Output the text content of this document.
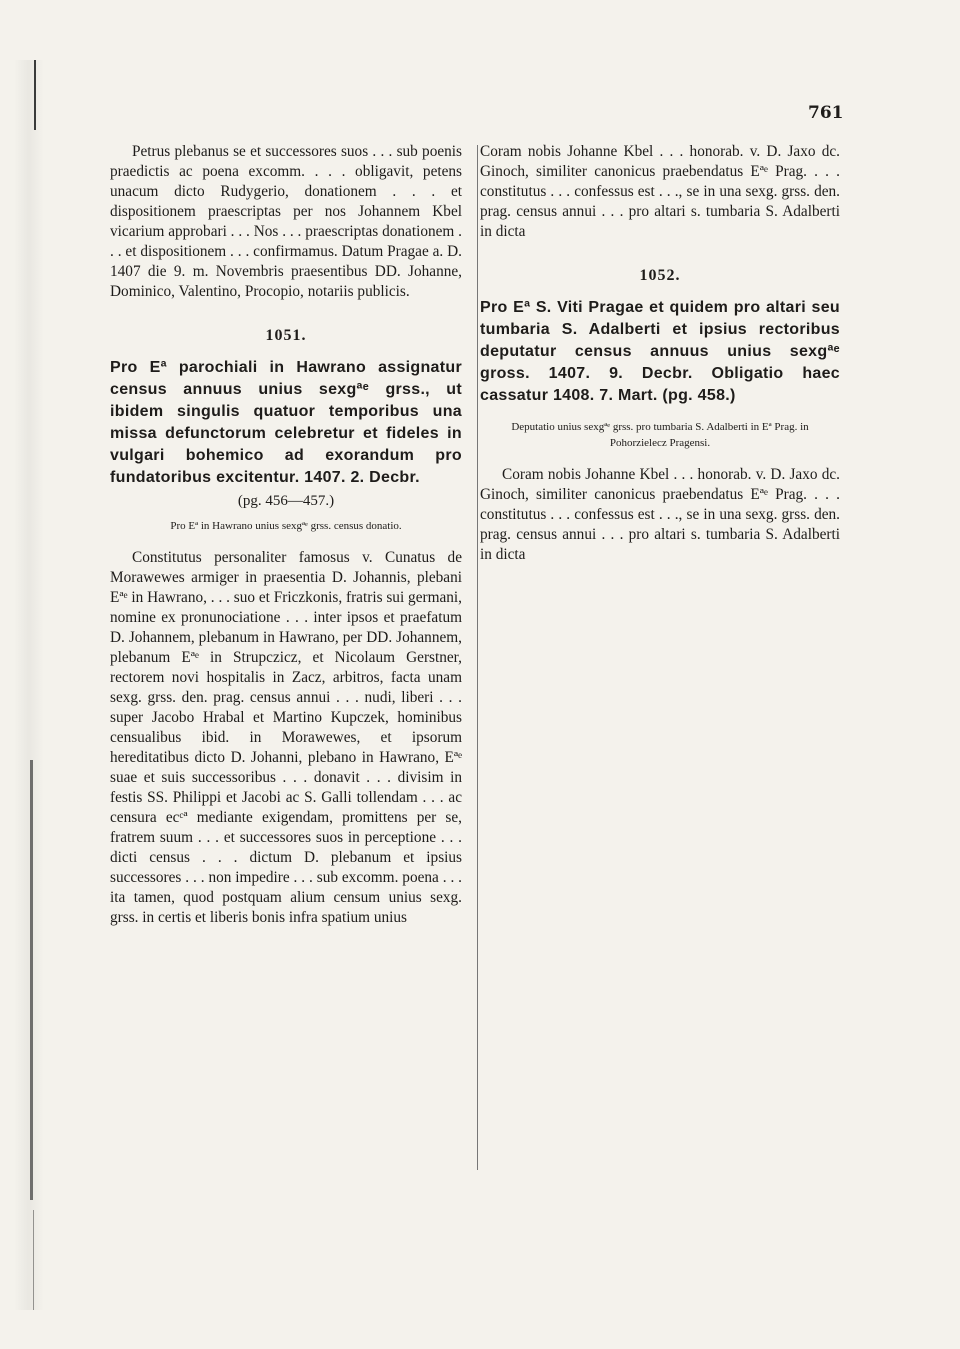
761

Petrus plebanus se et successores suos . . . sub poenis praedictis ac poena excomm. . . . obligavit, petens unacum dicto Rudygerio, donationem . . . et dispositionem praescriptas per nos Johannem Kbel vicarium approbari . . . Nos . . . praescriptas donationem . . . et dispositionem . . . confirmamus. Datum Pragae a. D. 1407 die 9. m. Novembris praesentibus DD. Johanne, Dominico, Valentino, Procopio, notariis publicis.

1051.

Pro Eª parochiali in Hawrano assignatur census annuus unius sexgªᵉ grss., ut ibidem singulis quatuor temporibus una missa defunctorum celebretur et fideles in vulgari bohemico ad exorandum pro fundatoribus excitentur. 1407. 2. Decbr.

(pg. 456—457.)

Pro Eª in Hawrano unius sexgªᵉ grss. census donatio.

Constitutus personaliter famosus v. Cunatus de Morawewes armiger in praesentia D. Johannis, plebani Eªᵉ in Hawrano, . . . suo et Friczkonis, fratris sui germani, nomine ex pronunociatione . . . inter ipsos et praefatum D. Johannem, plebanum in Hawrano, per DD. Johannem, plebanum Eªᵉ in Strupczicz, et Nicolaum Gerstner, rectorem novi hospitalis in Zacz, arbitros, facta unam sexg. grss. den. prag. census annui . . . nudi, liberi . . . super Jacobo Hrabal et Martino Kupczek, hominibus censualibus ibid. in Morawewes, et ipsorum hereditatibus dicto D. Johanni, plebano in Hawrano, Eªᵉ suae et suis successoribus . . . donavit . . . divisim in festis SS. Philippi et Jacobi ac S. Galli tollendam . . . ac censura ecᶜª mediante exigendam, promittens per se, fratrem suum . . . et successores suos in perceptione . . . dicti census . . . dictum D. plebanum et ipsius successores . . . non impedire . . . sub excomm. poena . . . ita tamen, quod postquam alium censum unius sexg. grss. in certis et liberis bonis infra spatium unius

Coram nobis Johanne Kbel . . . honorab. v. D. Jaxo dc. Ginoch, similiter canonicus praebendatus Eªᵉ Prag. . . . constitutus . . . confessus est . . ., se in una sexg. grss. den. prag. census annui . . . pro altari s. tumbaria S. Adalberti in dicta

1052.

Pro Eª S. Viti Pragae et quidem pro altari seu tumbaria S. Adalberti et ipsius rectoribus deputatur census annuus unius sexgªᵉ gross. 1407. 9. Decbr. Obligatio haec cassatur 1408. 7. Mart. (pg. 458.)

Deputatio unius sexgªᵉ grss. pro tumbaria S. Adalberti in Eª Prag. in Pohorzielecz Pragensi.

Coram nobis Johanne Kbel . . . honorab. v. D. Jaxo dc. Ginoch, similiter canonicus praebendatus Eªᵉ Prag. . . . constitutus . . . confessus est . . ., se in una sexg. grss. den. prag. census annui . . . pro altari s. tumbaria S. Adalberti in dicta
